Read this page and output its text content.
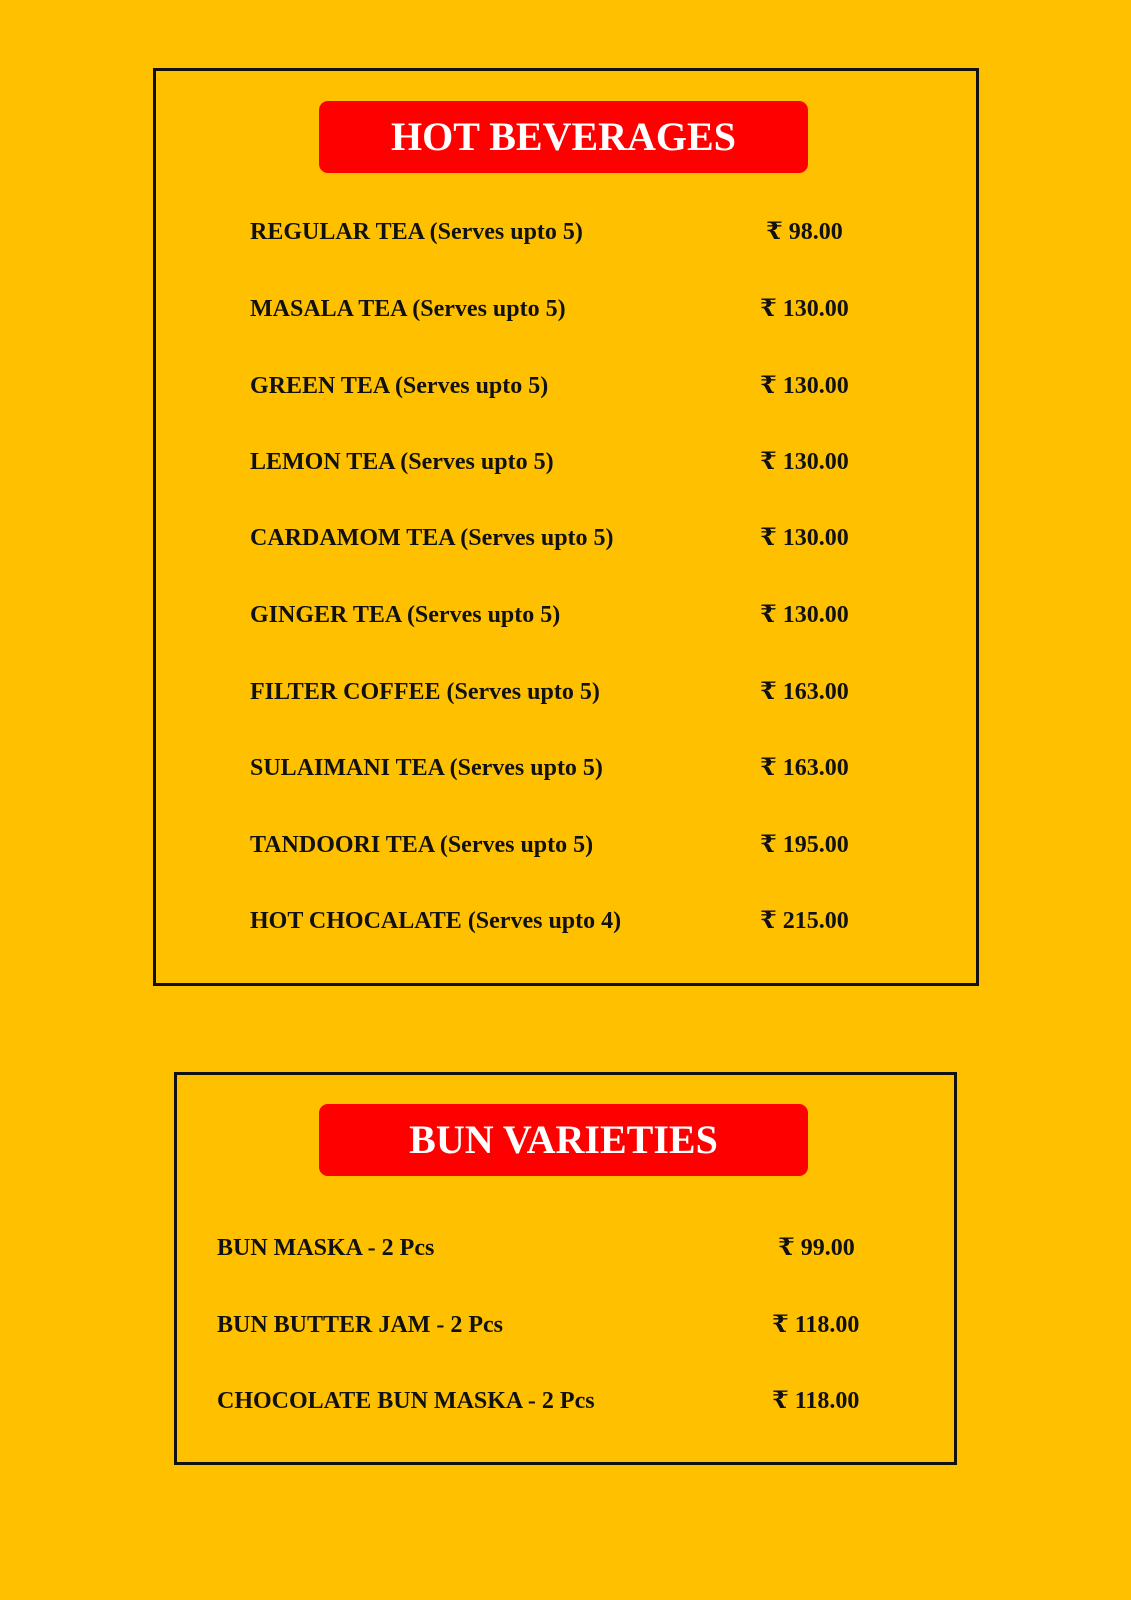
HOT BEVERAGES
REGULAR TEA (Serves upto 5)	₹ 98.00
MASALA TEA (Serves upto 5)	₹ 130.00
GREEN TEA (Serves upto 5)	₹ 130.00
LEMON TEA (Serves upto 5)	₹ 130.00
CARDAMOM TEA (Serves upto 5)	₹ 130.00
GINGER TEA (Serves upto 5)	₹ 130.00
FILTER COFFEE (Serves upto 5)	₹ 163.00
SULAIMANI TEA (Serves upto 5)	₹ 163.00
TANDOORI TEA (Serves upto 5)	₹ 195.00
HOT CHOCALATE (Serves upto 4)	₹ 215.00
BUN VARIETIES
BUN MASKA - 2 Pcs	₹ 99.00
BUN BUTTER JAM - 2 Pcs	₹ 118.00
CHOCOLATE BUN MASKA - 2 Pcs	₹ 118.00
